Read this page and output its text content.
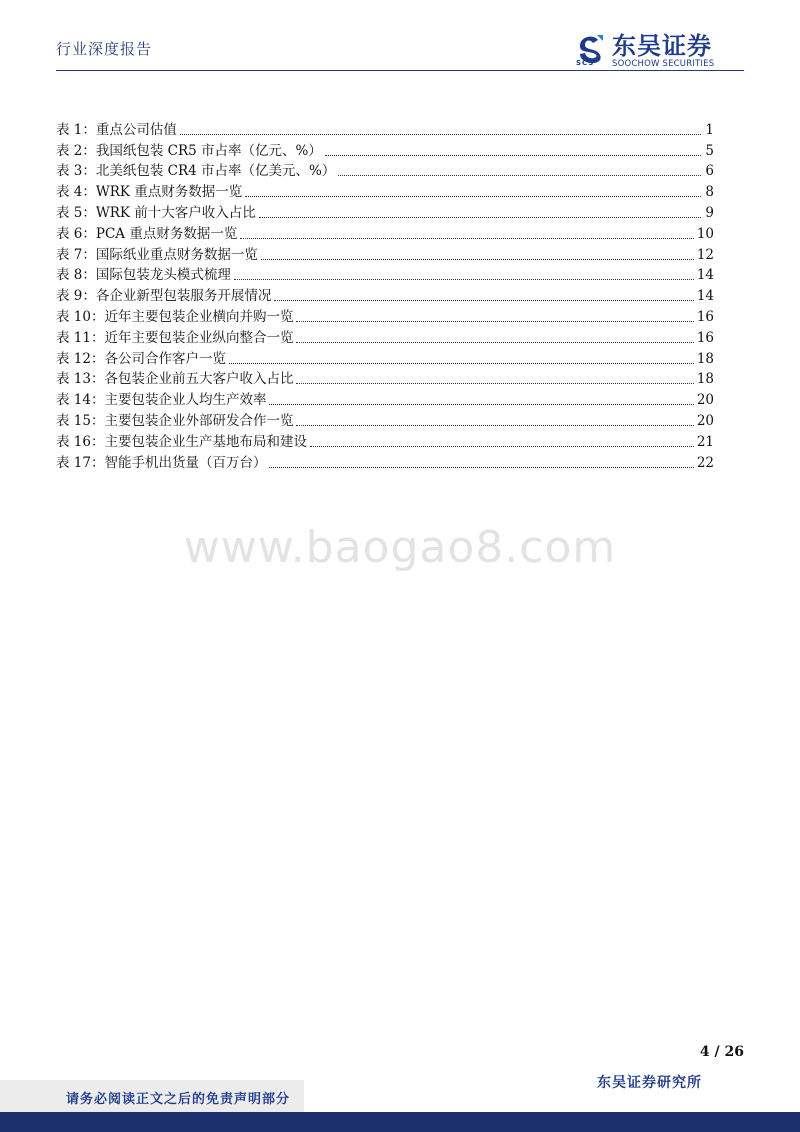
行业深度报告
SCS
东吴证券
SOOCHOW SECURITIES
表 1：重点公司估值	1
表 2：我国纸包装 CR5 市占率（亿元、%）	5
表 3：北美纸包装 CR4 市占率（亿美元、%）	6
表 4：WRK 重点财务数据一览	8
表 5：WRK 前十大客户收入占比	9
表 6：PCA 重点财务数据一览	10
表 7：国际纸业重点财务数据一览	12
表 8：国际包装龙头模式梳理	14
表 9：各企业新型包装服务开展情况	14
表 10：近年主要包装企业横向并购一览	16
表 11：近年主要包装企业纵向整合一览	16
表 12：各公司合作客户一览	18
表 13：各包装企业前五大客户收入占比	18
表 14：主要包装企业人均生产效率	20
表 15：主要包装企业外部研发合作一览	20
表 16：主要包装企业生产基地布局和建设	21
表 17：智能手机出货量（百万台）	22
www.baogao8.com
4 / 26
东吴证券研究所
请务必阅读正文之后的免责声明部分
